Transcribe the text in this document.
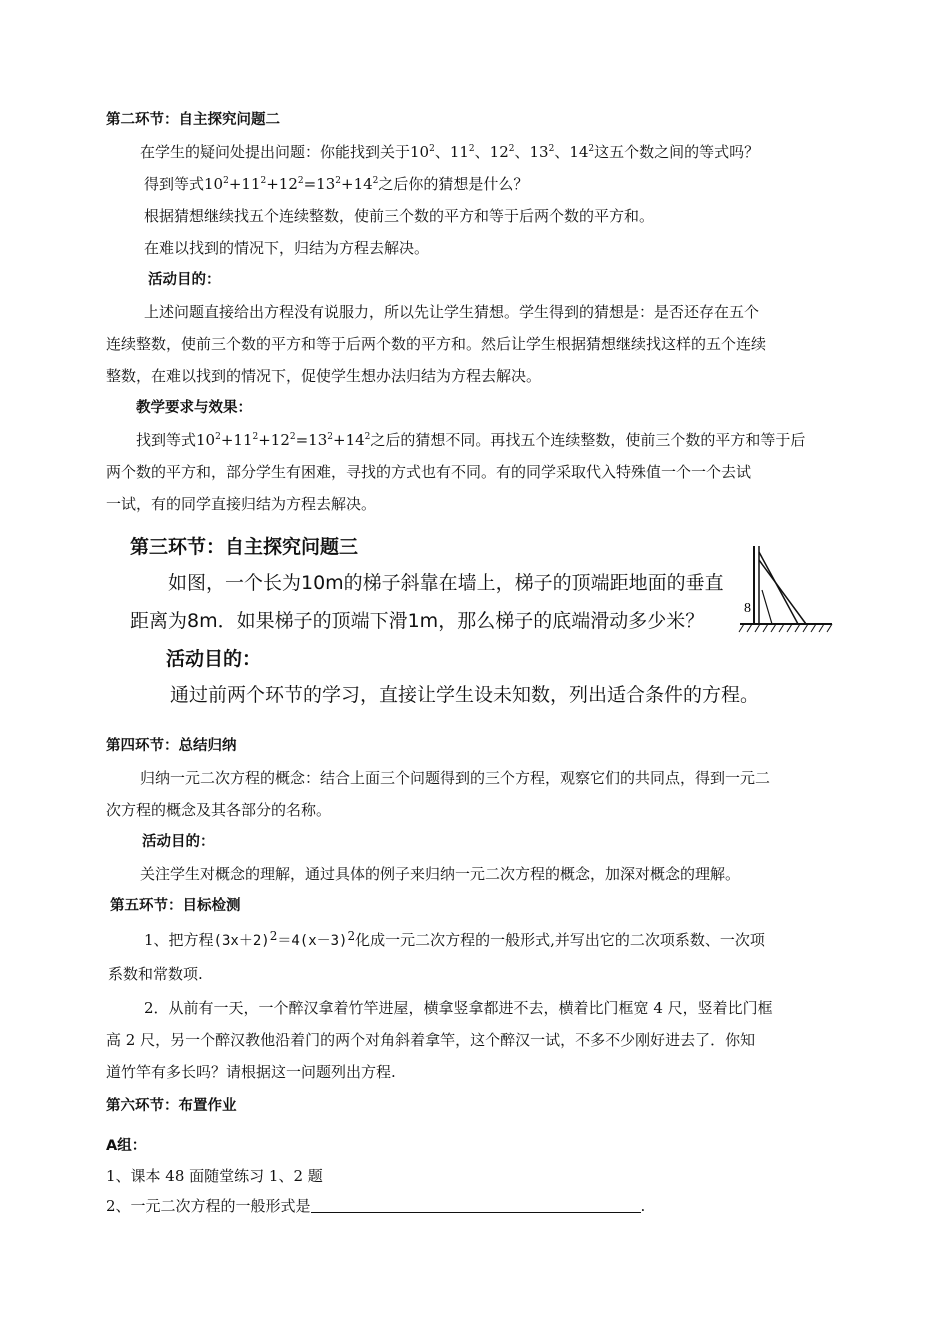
第二环节：自主探究问题二
在学生的疑问处提出问题：你能找到关于$10^2$、$11^2$、$12^2$、$13^2$、$14^2$这五个数之间的等式吗？
得到等式$10^2+11^2+12^2=13^2+14^2$之后你的猜想是什么？
根据猜想继续找五个连续整数，使前三个数的平方和等于后两个数的平方和。
在难以找到的情况下，归结为方程去解决。
活动目的：
上述问题直接给出方程没有说服力，所以先让学生猜想。学生得到的猜想是：是否还存在五个
连续整数，使前三个数的平方和等于后两个数的平方和。然后让学生根据猜想继续找这样的五个连续
整数，在难以找到的情况下，促使学生想办法归结为方程去解决。
教学要求与效果：
找到等式$10^2+11^2+12^2=13^2+14^2$之后的猜想不同。再找五个连续整数，使前三个数的平方和等于后
两个数的平方和，部分学生有困难，寻找的方式也有不同。有的同学采取代入特殊值一个一个去试
一试，有的同学直接归结为方程去解决。
第三环节：自主探究问题三
如图，一个长为10m的梯子斜靠在墙上，梯子的顶端距地面的垂直
距离为8m．如果梯子的顶端下滑1m，那么梯子的底端滑动多少米？
活动目的：
通过前两个环节的学习，直接让学生设未知数，列出适合条件的方程。
8
第四环节：总结归纳
归纳一元二次方程的概念：结合上面三个问题得到的三个方程，观察它们的共同点，得到一元二
次方程的概念及其各部分的名称。
活动目的：
关注学生对概念的理解，通过具体的例子来归纳一元二次方程的概念，加深对概念的理解。
第五环节：目标检测
1、把方程$(3x+2)^2=4(x-3)^2$化成一元二次方程的一般形式,并写出它的二次项系数、一次项
系数和常数项.
2．从前有一天，一个醉汉拿着竹竿进屋，横拿竖拿都进不去，横着比门框宽 4 尺，竖着比门框
高 2 尺，另一个醉汉教他沿着门的两个对角斜着拿竿，这个醉汉一试，不多不少刚好进去了．你知
道竹竿有多长吗？请根据这一问题列出方程.
第六环节：布置作业
A组：
1、课本 48 面随堂练习 1、2 题
2、一元二次方程的一般形式是	.
